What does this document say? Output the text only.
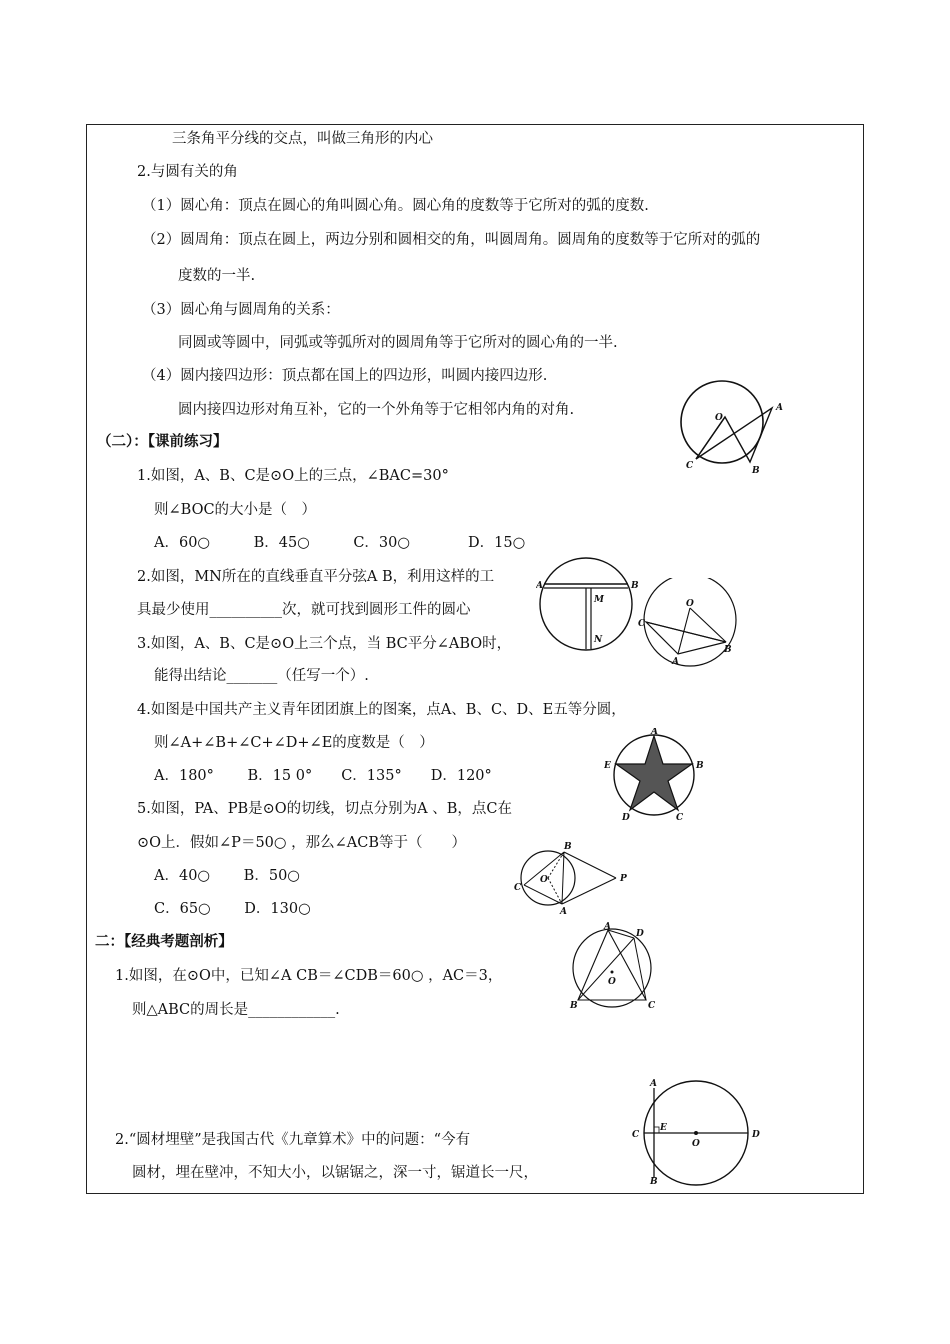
三条角平分线的交点，叫做三角形的内心
2.与圆有关的角
（1）圆心角：顶点在圆心的角叫圆心角。圆心角的度数等于它所对的弧的度数.
（2）圆周角：顶点在圆上，两边分别和圆相交的角，叫圆周角。圆周角的度数等于它所对的弧的
度数的一半.
（3）圆心角与圆周角的关系：
同圆或等圆中，同弧或等弧所对的圆周角等于它所对的圆心角的一半.
（4）圆内接四边形：顶点都在国上的四边形，叫圆内接四边形.
圆内接四边形对角互补，它的一个外角等于它相邻内角的对角.
（二）：【课前练习】
1.如图，A、B、C是⊙O上的三点，∠BAC=30°
则∠BOC的大小是（　）
A．60○　　　B．45○　　　C．30○　　　　D．15○
2.如图，MN所在的直线垂直平分弦A B，利用这样的工
具最少使用__________次，就可找到圆形工件的圆心
3.如图，A、B、C是⊙O上三个点，当 BC平分∠ABO时，
能得出结论_______（任写一个）.
4.如图是中国共产主义青年团团旗上的图案，点A、B、C、D、E五等分圆，
则∠A+∠B+∠C+∠D+∠E的度数是（　）
A．180°　　 B．15 0°　　C．135°　　D．120°
5.如图，PA、PB是⊙O的切线，切点分别为A 、B，点C在
⊙O上．假如∠P＝50○ ，那么∠ACB等于（　　）
A．40○　　 B．50○
C．65○　　 D．130○
二：【经典考题剖析】
1.如图，在⊙O中，已知∠A CB＝∠CDB＝60○ ，AC＝3，
则△ABC的周长是____________.
2.“圆材埋壁”是我国古代《九章算术》中的问题：“今有
圆材，埋在壁冲，不知大小，以锯锯之，深一寸，锯道长一尺，
O
A
B
C
A	B
M
N
O
C
A
B
A
B
C
D
E
O
B
A
C
P
A
D
O
B	C
A
B
C	D
E
O
